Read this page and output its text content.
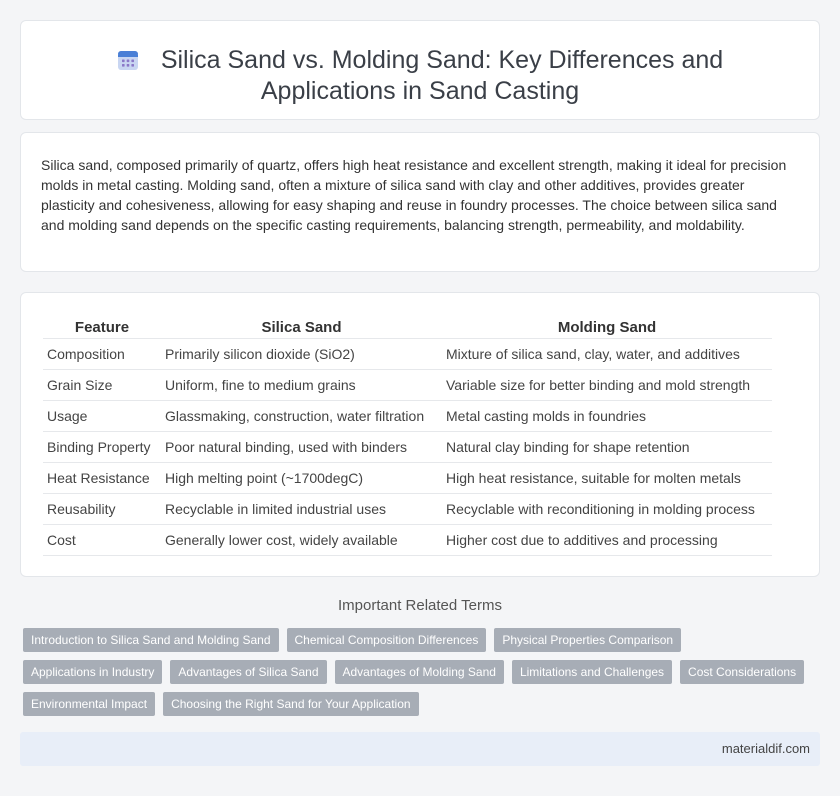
Silica Sand vs. Molding Sand: Key Differences and Applications in Sand Casting

Silica sand, composed primarily of quartz, offers high heat resistance and excellent strength, making it ideal for precision molds in metal casting. Molding sand, often a mixture of silica sand with clay and other additives, provides greater plasticity and cohesiveness, allowing for easy shaping and reuse in foundry processes. The choice between silica sand and molding sand depends on the specific casting requirements, balancing strength, permeability, and moldability.

Feature	Silica Sand	Molding Sand
Composition	Primarily silicon dioxide (SiO2)	Mixture of silica sand, clay, water, and additives
Grain Size	Uniform, fine to medium grains	Variable size for better binding and mold strength
Usage	Glassmaking, construction, water filtration	Metal casting molds in foundries
Binding Property	Poor natural binding, used with binders	Natural clay binding for shape retention
Heat Resistance	High melting point (~1700degC)	High heat resistance, suitable for molten metals
Reusability	Recyclable in limited industrial uses	Recyclable with reconditioning in molding process
Cost	Generally lower cost, widely available	Higher cost due to additives and processing
Important Related Terms
Introduction to Silica Sand and Molding Sand	Chemical Composition Differences	Physical Properties Comparison
Applications in Industry	Advantages of Silica Sand	Advantages of Molding Sand	Limitations and Challenges	Cost Considerations
Environmental Impact	Choosing the Right Sand for Your Application
materialdif.com
